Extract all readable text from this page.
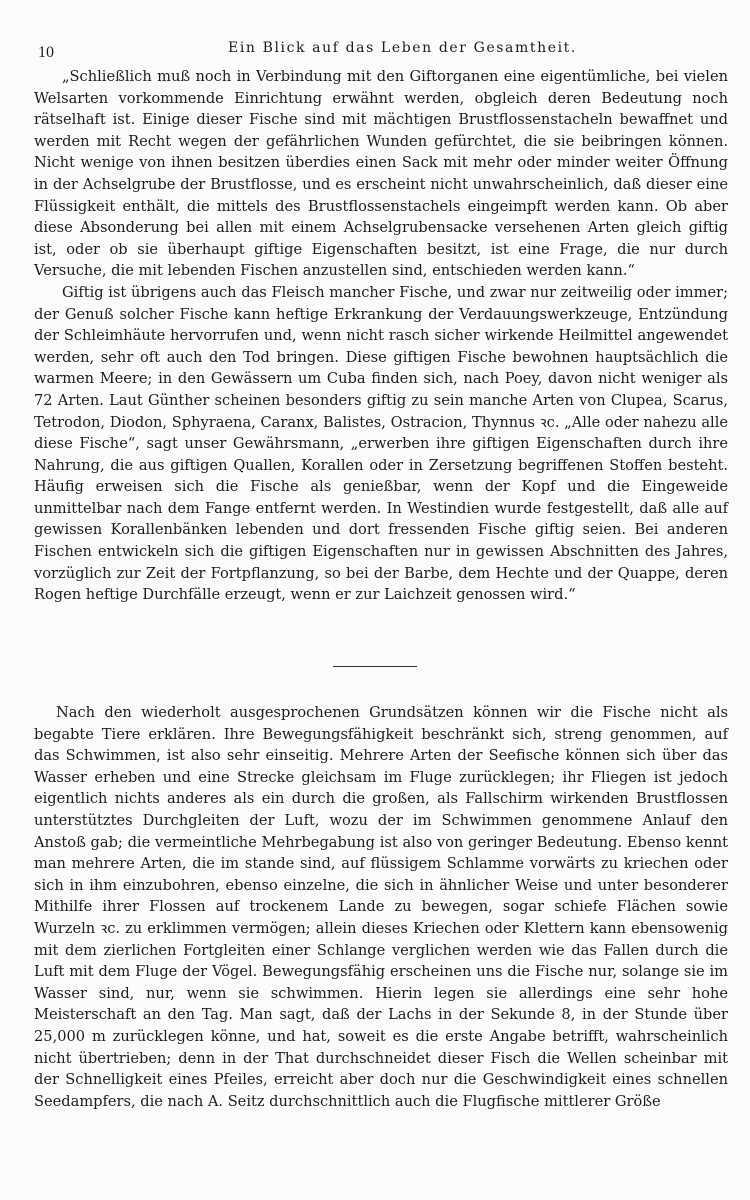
10	Ein Blick auf das Leben der Gesamtheit.

„Schließlich muß noch in Verbindung mit den Giftorganen eine eigentümliche, bei vielen Welsarten vorkommende Einrichtung erwähnt werden, obgleich deren Bedeutung noch rätselhaft ist. Einige dieser Fische sind mit mächtigen Brustflossenstacheln bewaffnet und werden mit Recht wegen der gefährlichen Wunden gefürchtet, die sie beibringen können. Nicht wenige von ihnen besitzen überdies einen Sack mit mehr oder minder weiter Öffnung in der Achselgrube der Brustflosse, und es erscheint nicht unwahrscheinlich, daß dieser eine Flüssigkeit enthält, die mittels des Brustflossenstachels eingeimpft werden kann. Ob aber diese Absonderung bei allen mit einem Achselgrubensacke versehenen Arten gleich giftig ist, oder ob sie überhaupt giftige Eigenschaften besitzt, ist eine Frage, die nur durch Versuche, die mit lebenden Fischen anzustellen sind, entschieden werden kann.“

Giftig ist übrigens auch das Fleisch mancher Fische, und zwar nur zeitweilig oder immer; der Genuß solcher Fische kann heftige Erkrankung der Verdauungswerkzeuge, Entzündung der Schleimhäute hervorrufen und, wenn nicht rasch sicher wirkende Heilmittel angewendet werden, sehr oft auch den Tod bringen. Diese giftigen Fische bewohnen hauptsächlich die warmen Meere; in den Gewässern um Cuba finden sich, nach Poey, davon nicht weniger als 72 Arten. Laut Günther scheinen besonders giftig zu sein manche Arten von Clupea, Scarus, Tetrodon, Diodon, Sphyraena, Caranx, Balistes, Ostracion, Thynnus ꝛc. „Alle oder nahezu alle diese Fische“, sagt unser Gewährsmann, „erwerben ihre giftigen Eigenschaften durch ihre Nahrung, die aus giftigen Quallen, Korallen oder in Zersetzung begriffenen Stoffen besteht. Häufig erweisen sich die Fische als genießbar, wenn der Kopf und die Eingeweide unmittelbar nach dem Fange entfernt werden. In Westindien wurde festgestellt, daß alle auf gewissen Korallenbänken lebenden und dort fressenden Fische giftig seien. Bei anderen Fischen entwickeln sich die giftigen Eigenschaften nur in gewissen Abschnitten des Jahres, vorzüglich zur Zeit der Fortpflanzung, so bei der Barbe, dem Hechte und der Quappe, deren Rogen heftige Durchfälle erzeugt, wenn er zur Laichzeit genossen wird.“

Nach den wiederholt ausgesprochenen Grundsätzen können wir die Fische nicht als begabte Tiere erklären. Ihre Bewegungsfähigkeit beschränkt sich, streng genommen, auf das Schwimmen, ist also sehr einseitig. Mehrere Arten der Seefische können sich über das Wasser erheben und eine Strecke gleichsam im Fluge zurücklegen; ihr Fliegen ist jedoch eigentlich nichts anderes als ein durch die großen, als Fallschirm wirkenden Brustflossen unterstütztes Durchgleiten der Luft, wozu der im Schwimmen genommene Anlauf den Anstoß gab; die vermeintliche Mehrbegabung ist also von geringer Bedeutung. Ebenso kennt man mehrere Arten, die im stande sind, auf flüssigem Schlamme vorwärts zu kriechen oder sich in ihm einzubohren, ebenso einzelne, die sich in ähnlicher Weise und unter besonderer Mithilfe ihrer Flossen auf trockenem Lande zu bewegen, sogar schiefe Flächen sowie Wurzeln ꝛc. zu erklimmen vermögen; allein dieses Kriechen oder Klettern kann ebensowenig mit dem zierlichen Fortgleiten einer Schlange verglichen werden wie das Fallen durch die Luft mit dem Fluge der Vögel. Bewegungsfähig erscheinen uns die Fische nur, solange sie im Wasser sind, nur, wenn sie schwimmen. Hierin legen sie allerdings eine sehr hohe Meisterschaft an den Tag. Man sagt, daß der Lachs in der Sekunde 8, in der Stunde über 25,000 m zurücklegen könne, und hat, soweit es die erste Angabe betrifft, wahrscheinlich nicht übertrieben; denn in der That durchschneidet dieser Fisch die Wellen scheinbar mit der Schnelligkeit eines Pfeiles, erreicht aber doch nur die Geschwindigkeit eines schnellen Seedampfers, die nach A. Seitz durchschnittlich auch die Flugfische mittlerer Größe
